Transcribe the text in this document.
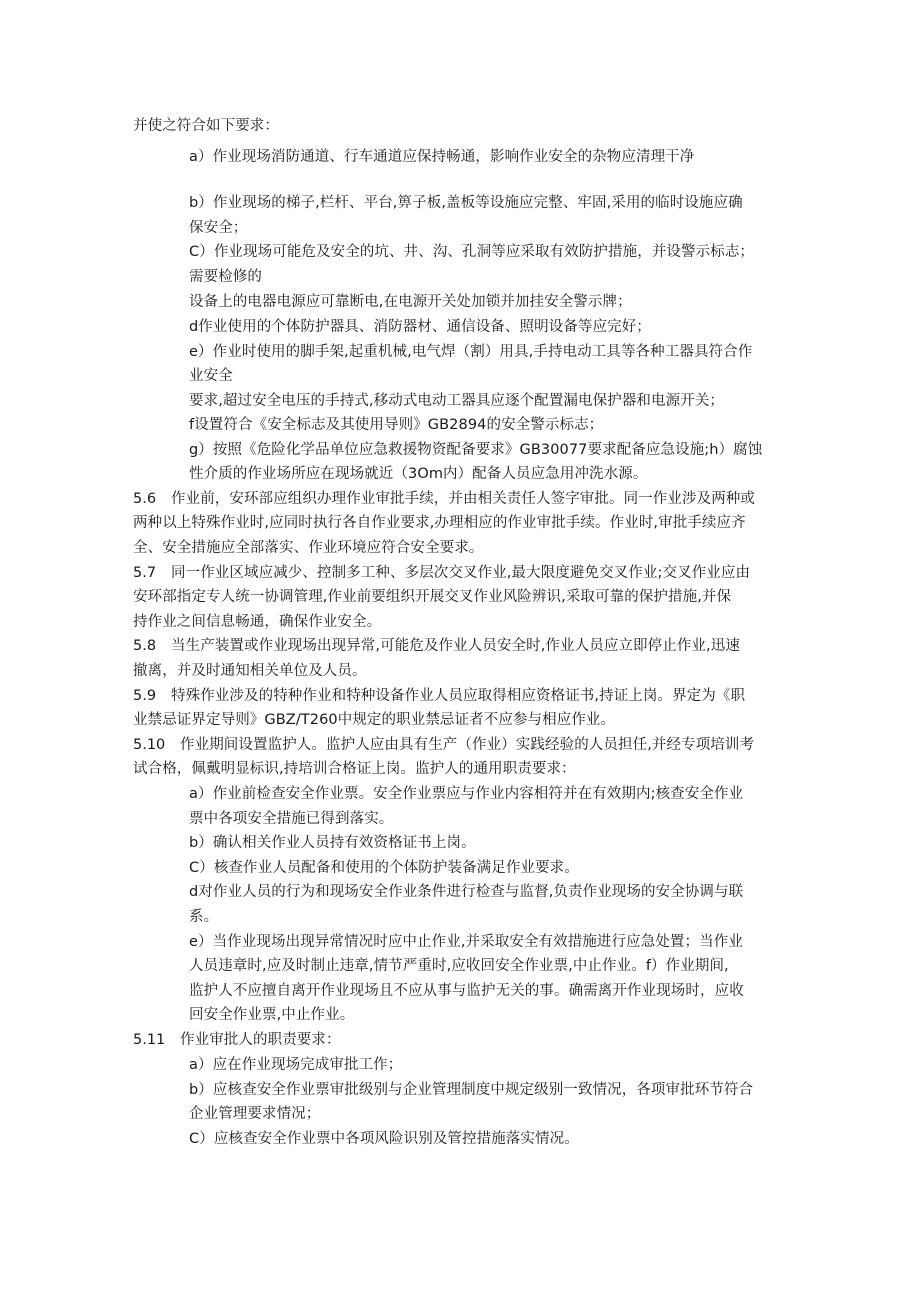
并使之符合如下要求：
a）作业现场消防通道、行车通道应保持畅通，影响作业安全的杂物应清理干净
b）作业现场的梯子,栏杆、平台,箅子板,盖板等设施应完整、牢固,采用的临时设施应确
保安全；
C）作业现场可能危及安全的坑、井、沟、孔洞等应采取有效防护措施，并设警示标志；
需要检修的
设备上的电器电源应可靠断电,在电源开关处加锁并加挂安全警示牌；
d作业使用的个体防护器具、消防器材、通信设备、照明设备等应完好；
e）作业时使用的脚手架,起重机械,电气焊（割）用具,手持电动工具等各种工器具符合作
业安全
要求,超过安全电压的手持式,移动式电动工器具应逐个配置漏电保护器和电源开关；
f设置符合《安全标志及其使用导则》GB2894的安全警示标志；
g）按照《危险化学品单位应急救援物资配备要求》GB30077要求配备应急设施;h）腐蚀
性介质的作业场所应在现场就近（3Om内）配备人员应急用冲洗水源。
5.6 作业前，安环部应组织办理作业审批手续，并由相关责任人签字审批。同一作业涉及两种或
两种以上特殊作业时,应同时执行各自作业要求,办理相应的作业审批手续。作业时,审批手续应齐
全、安全措施应全部落实、作业环境应符合安全要求。
5.7 同一作业区域应减少、控制多工种、多层次交叉作业,最大限度避免交叉作业;交叉作业应由
安环部指定专人统一协调管理,作业前要组织开展交叉作业风险辨识,采取可靠的保护措施,并保
持作业之间信息畅通，确保作业安全。
5.8 当生产装置或作业现场出现异常,可能危及作业人员安全时,作业人员应立即停止作业,迅速
撤离，并及时通知相关单位及人员。
5.9 特殊作业涉及的特种作业和特种设备作业人员应取得相应资格证书,持证上岗。界定为《职
业禁忌证界定导则》GBZ/T260中规定的职业禁忌证者不应参与相应作业。
5.10 作业期间设置监护人。监护人应由具有生产（作业）实践经验的人员担任,并经专项培训考
试合格，佩戴明显标识,持培训合格证上岗。监护人的通用职责要求：
a）作业前检查安全作业票。安全作业票应与作业内容相符并在有效期内;核查安全作业
票中各项安全措施已得到落实。
b）确认相关作业人员持有效资格证书上岗。
C）核查作业人员配备和使用的个体防护装备满足作业要求。
d对作业人员的行为和现场安全作业条件进行检查与监督,负责作业现场的安全协调与联
系。
e）当作业现场出现异常情况时应中止作业,并采取安全有效措施进行应急处置；当作业
人员违章时,应及时制止违章,情节严重时,应收回安全作业票,中止作业。f）作业期间,
监护人不应擅自离开作业现场且不应从事与监护无关的事。确需离开作业现场时，应收
回安全作业票,中止作业。
5.11 作业审批人的职责要求：
a）应在作业现场完成审批工作；
b）应核查安全作业票审批级别与企业管理制度中规定级别一致情况，各项审批环节符合
企业管理要求情况；
C）应核查安全作业票中各项风险识别及管控措施落实情况。
